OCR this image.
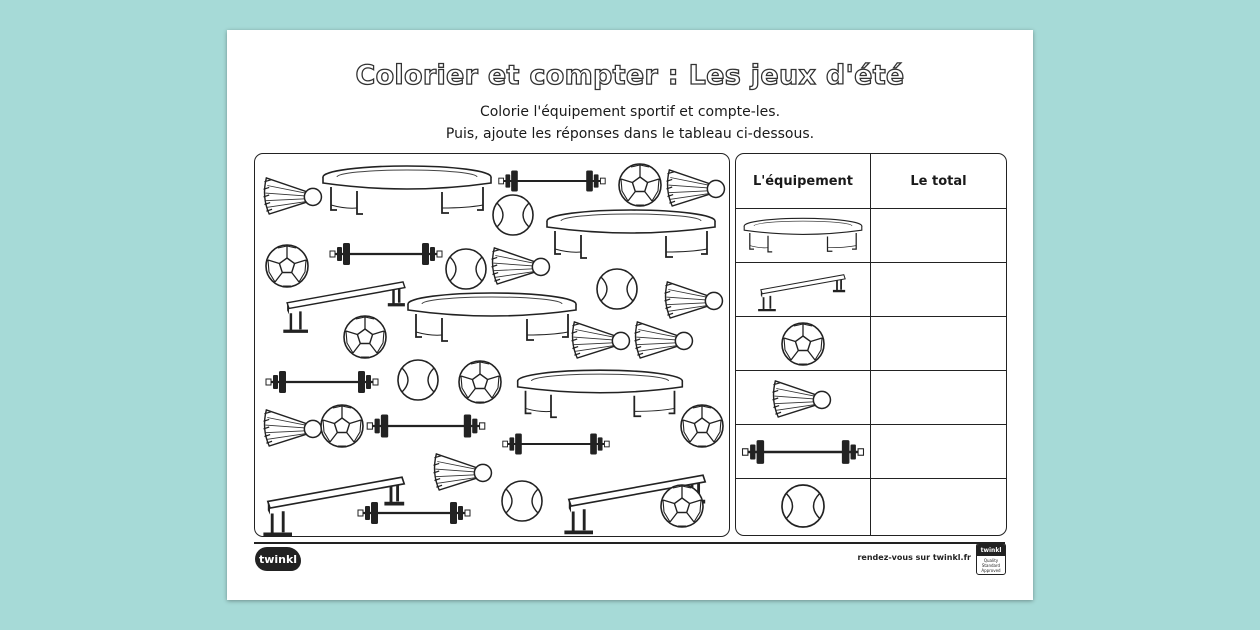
Colorier et compter : Les jeux d'été
Colorie l'équipement sportif et compte-les.
Puis, ajoute les réponses dans le tableau ci-dessous.
L'équipement	Le total
twinkl	rendez-vous sur twinkl.fr
twinkl
Quality Standard Approved
